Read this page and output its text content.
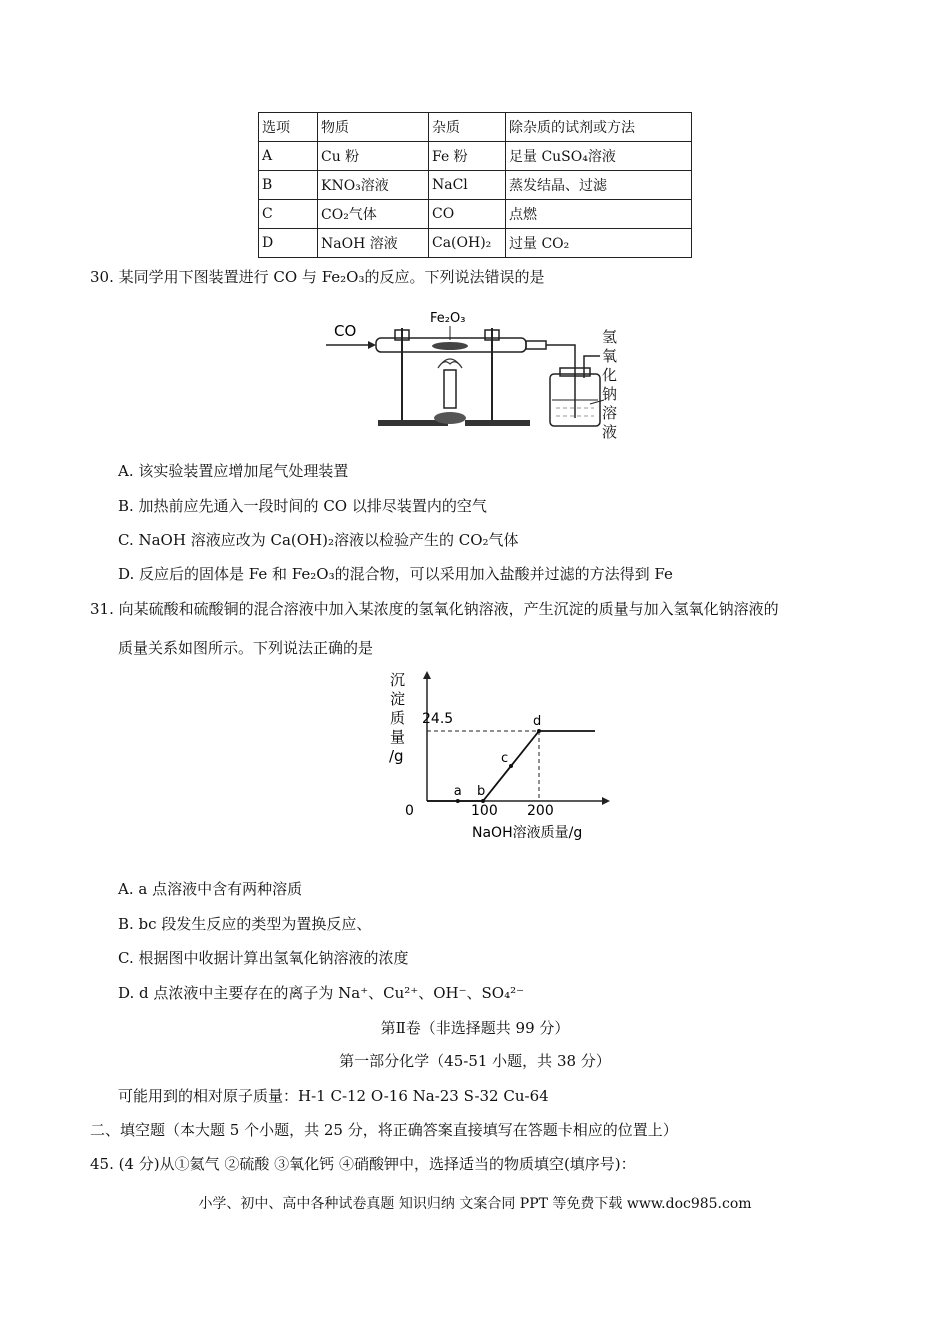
选项	物质	杂质	除杂质的试剂或方法
A	Cu 粉	Fe 粉	足量 CuSO₄溶液
B	KNO₃溶液	NaCl	蒸发结晶、过滤
C	CO₂气体	CO	点燃
D	NaOH 溶液	Ca(OH)₂	过量 CO₂
30. 某同学用下图装置进行 CO 与 Fe₂O₃的反应。下列说法错误的是
CO
Fe₂O₃
氢氧化钠溶液
A. 该实验装置应增加尾气处理装置
B. 加热前应先通入一段时间的 CO 以排尽装置内的空气
C. NaOH 溶液应改为 Ca(OH)₂溶液以检验产生的 CO₂气体
D. 反应后的固体是 Fe 和 Fe₂O₃的混合物，可以采用加入盐酸并过滤的方法得到 Fe
31. 向某硫酸和硫酸铜的混合溶液中加入某浓度的氢氧化钠溶液，产生沉淀的质量与加入氢氧化钠溶液的
质量关系如图所示。下列说法正确的是
沉淀质量/g
NaOH溶液质量/g
0	100 200
24.5
a b
c
d
A. a 点溶液中含有两种溶质
B. bc 段发生反应的类型为置换反应、
C. 根据图中收据计算出氢氧化钠溶液的浓度
D. d 点浓液中主要存在的离子为 Na⁺、Cu²⁺、OH⁻、SO₄²⁻
第Ⅱ卷（非选择题共 99 分）
第一部分化学（45-51 小题，共 38 分）
可能用到的相对原子质量：H-1 C-12 O-16 Na-23 S-32 Cu-64
二、填空题（本大题 5 个小题，共 25 分，将正确答案直接填写在答题卡相应的位置上）
45. (4 分)从①氦气 ②硫酸 ③氧化钙 ④硝酸钾中，选择适当的物质填空(填序号)：
小学、初中、高中各种试卷真题 知识归纳 文案合同 PPT 等免费下载 www.doc985.com
